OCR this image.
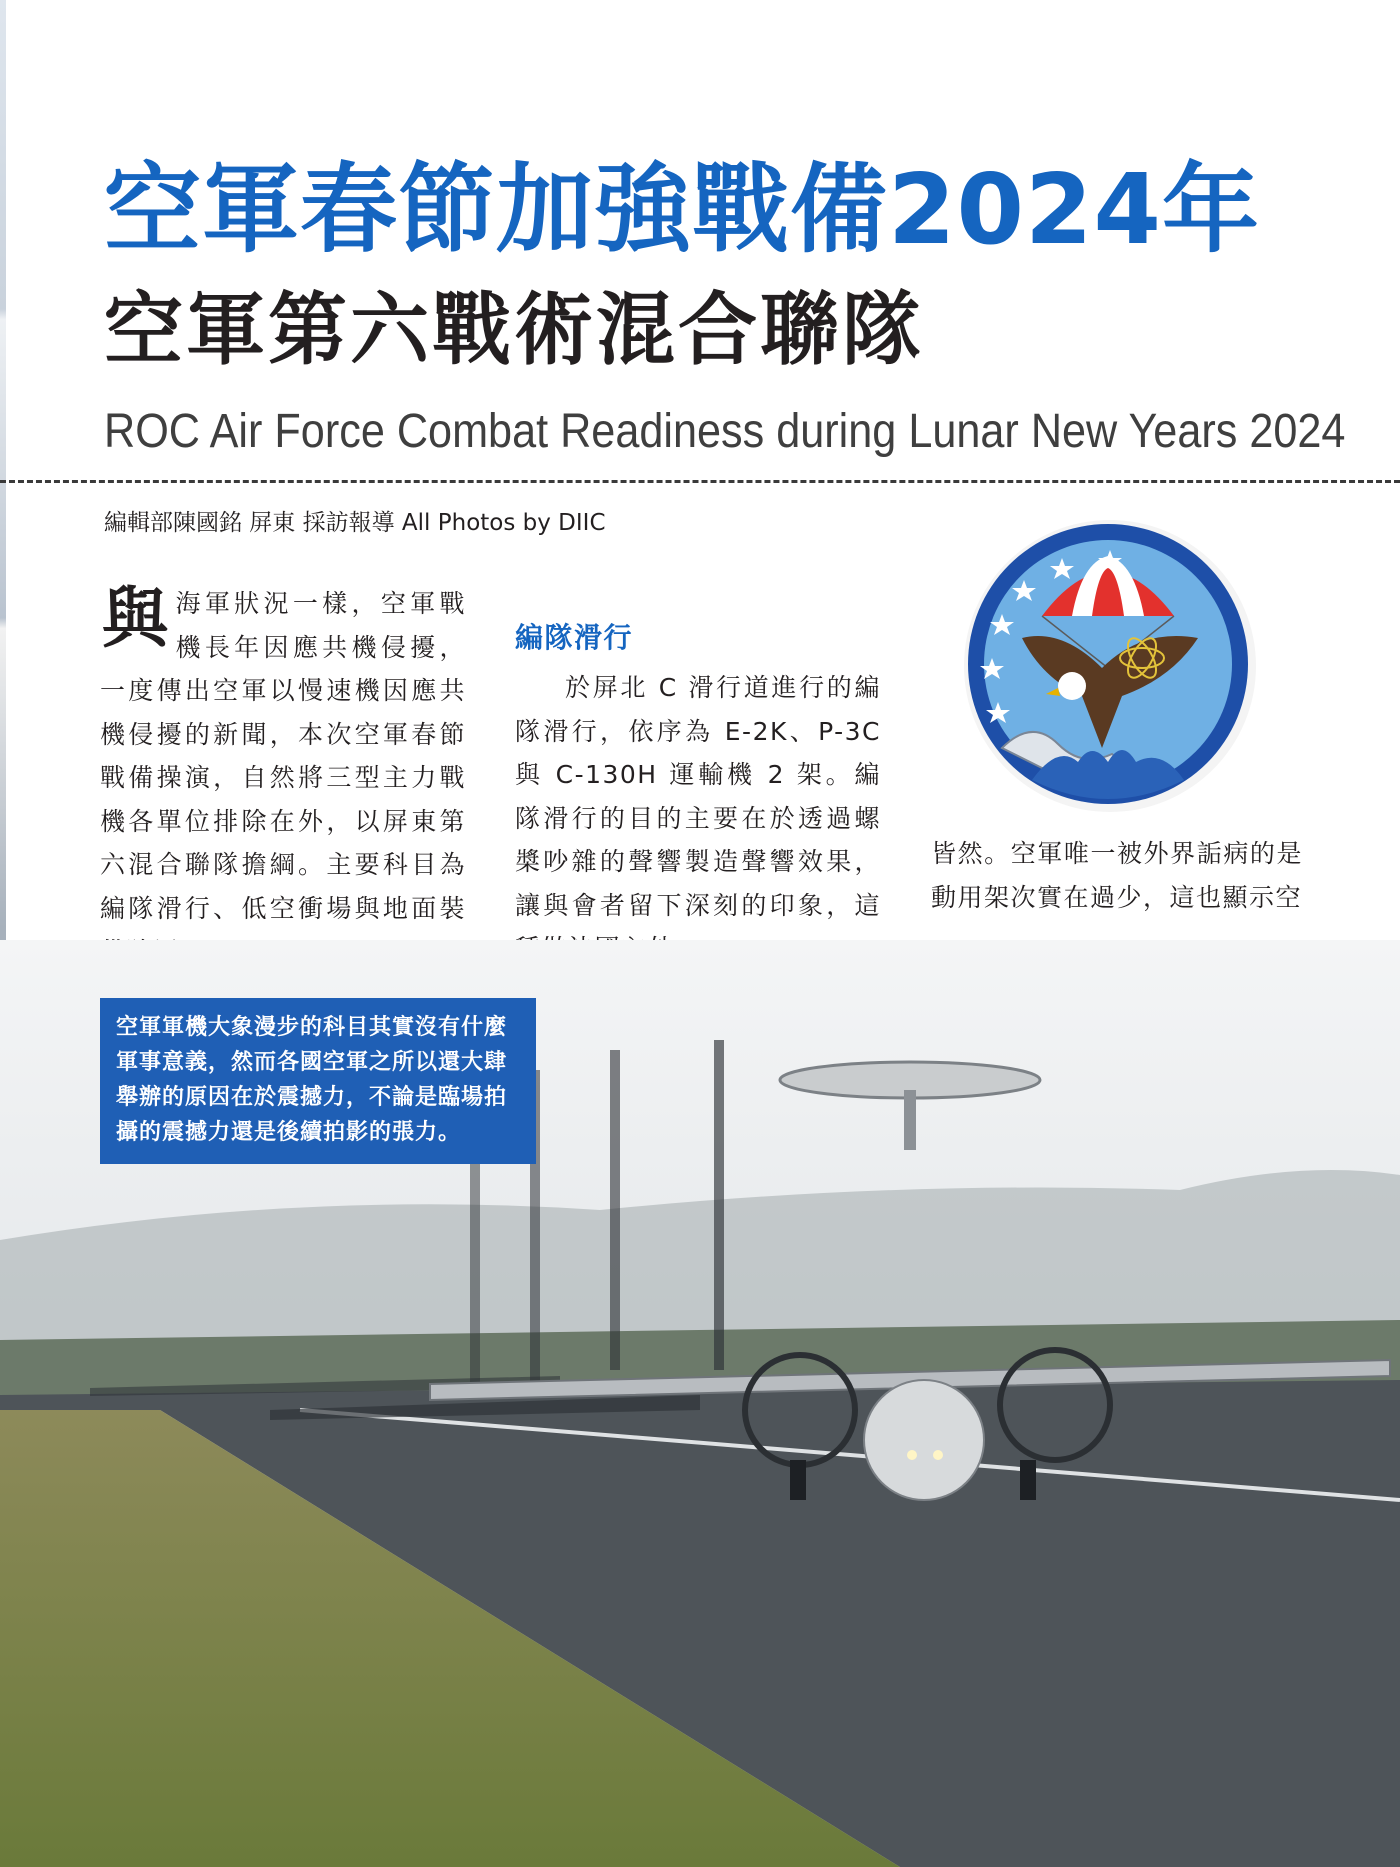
空軍春節加強戰備2024年
空軍第六戰術混合聯隊
ROC Air Force Combat Readiness during Lunar New Years 2024
編輯部陳國銘 屏東 採訪報導 All Photos by DIIC
與 海軍狀況一樣，空軍戰機長年因應共機侵擾，一度傳出空軍以慢速機因應共機侵擾的新聞，本次空軍春節戰備操演，自然將三型主力戰機各單位排除在外，以屏東第六混合聯隊擔綱。主要科目為編隊滑行、低空衝場與地面裝

編隊滑行

於屏北 C 滑行道進行的編隊滑行，依序為 E-2K、P-3C 與 C-130H 運輸機 2 架。編隊滑行的目的主要在於透過螺槳吵雜的聲響製造聲響效果，讓與會者留下深刻的印象，這

皆然。空軍唯一被外界詬病的是動用架次實在過少，這也顯示空

空軍軍機大象漫步的科目其實沒有什麼
軍事意義，然而各國空軍之所以還大肆
舉辦的原因在於震撼力，不論是臨場拍
攝的震撼力還是後續拍影的張力。
